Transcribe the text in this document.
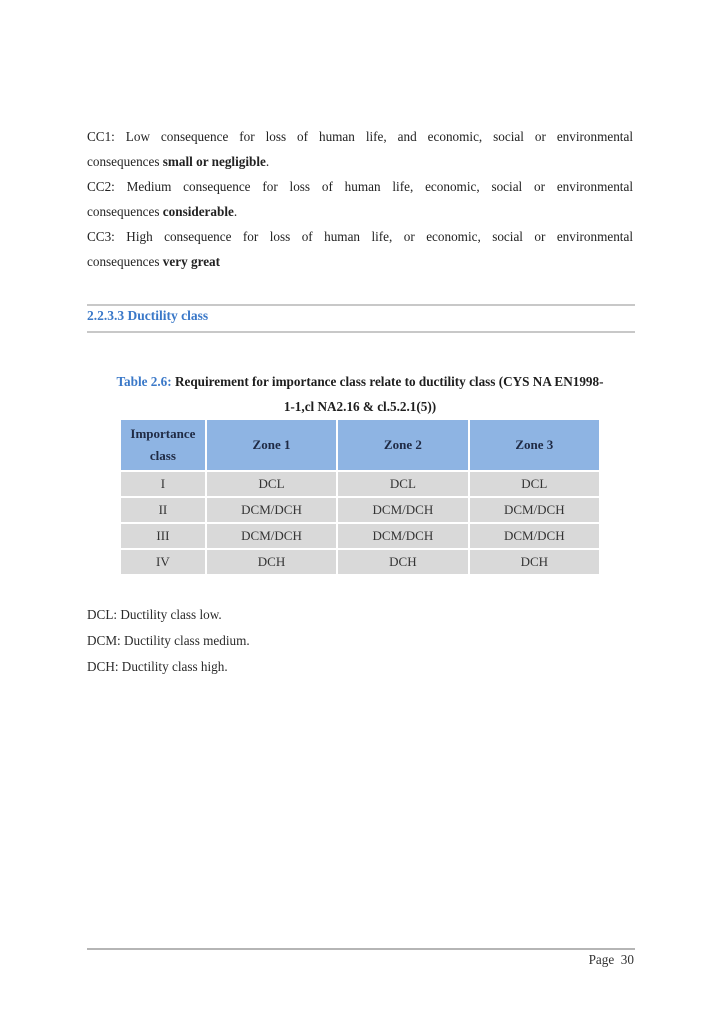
CC1: Low consequence for loss of human life, and economic, social or environmental
consequences small or negligible.
CC2: Medium consequence for loss of human life, economic, social or environmental
consequences considerable.
CC3: High consequence for loss of human life, or economic, social or environmental
consequences very great
2.2.3.3 Ductility class
Table 2.6: Requirement for importance class relate to ductility class (CYS NA EN1998-
1-1,cl NA2.16 & cl.5.2.1(5))
Importance
class	Zone 1	Zone 2	Zone 3
I	DCL	DCL	DCL
II	DCM/DCH	DCM/DCH	DCM/DCH
III	DCM/DCH	DCM/DCH	DCM/DCH
IV	DCH	DCH	DCH
DCL: Ductility class low.
DCM: Ductility class medium.
DCH: Ductility class high.
Page  30
